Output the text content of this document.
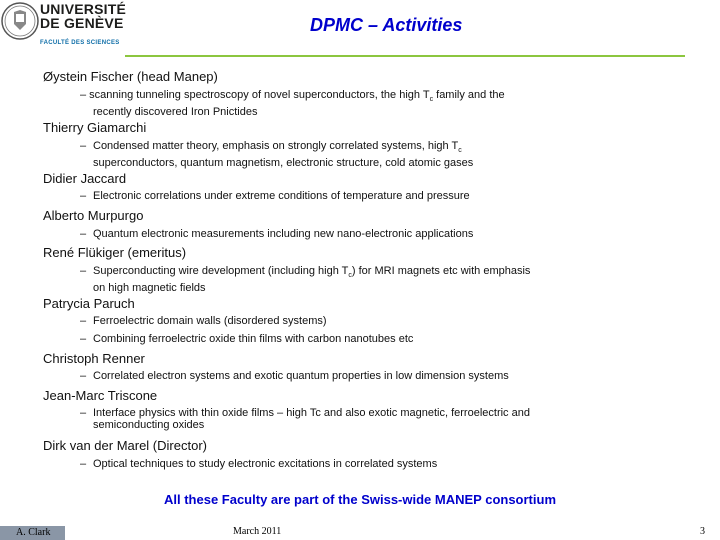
UNIVERSITÉ
DE GENÈVE
FACULTÉ DES SCIENCES
DPMC – Activities
Øystein Fischer (head Manep)
– scanning tunneling spectroscopy of novel superconductors, the high $T_c$ family and the
recently discovered Iron Pnictides
Thierry Giamarchi
– Condensed matter theory, emphasis on strongly correlated systems, high $T_c$
superconductors, quantum magnetism, electronic structure, cold atomic gases
Didier Jaccard
– Electronic correlations under extreme conditions of temperature and pressure
Alberto Murpurgo
– Quantum electronic measurements including new nano-electronic applications
René Flükiger (emeritus)
– Superconducting wire development (including high $T_c$) for MRI magnets etc with emphasis
on high magnetic fields
Patrycia Paruch
– Ferroelectric domain walls (disordered systems)
– Combining ferroelectric oxide thin films with carbon nanotubes etc
Christoph Renner
– Correlated electron systems and exotic quantum properties in low dimension systems
Jean-Marc Triscone
– Interface physics with thin oxide films – high Tc and also exotic magnetic, ferroelectric and
semiconducting oxides
Dirk van der Marel (Director)
– Optical techniques to study electronic excitations in correlated systems
All these Faculty are part of the Swiss-wide MANEP consortium
A. Clark	March 2011	3
